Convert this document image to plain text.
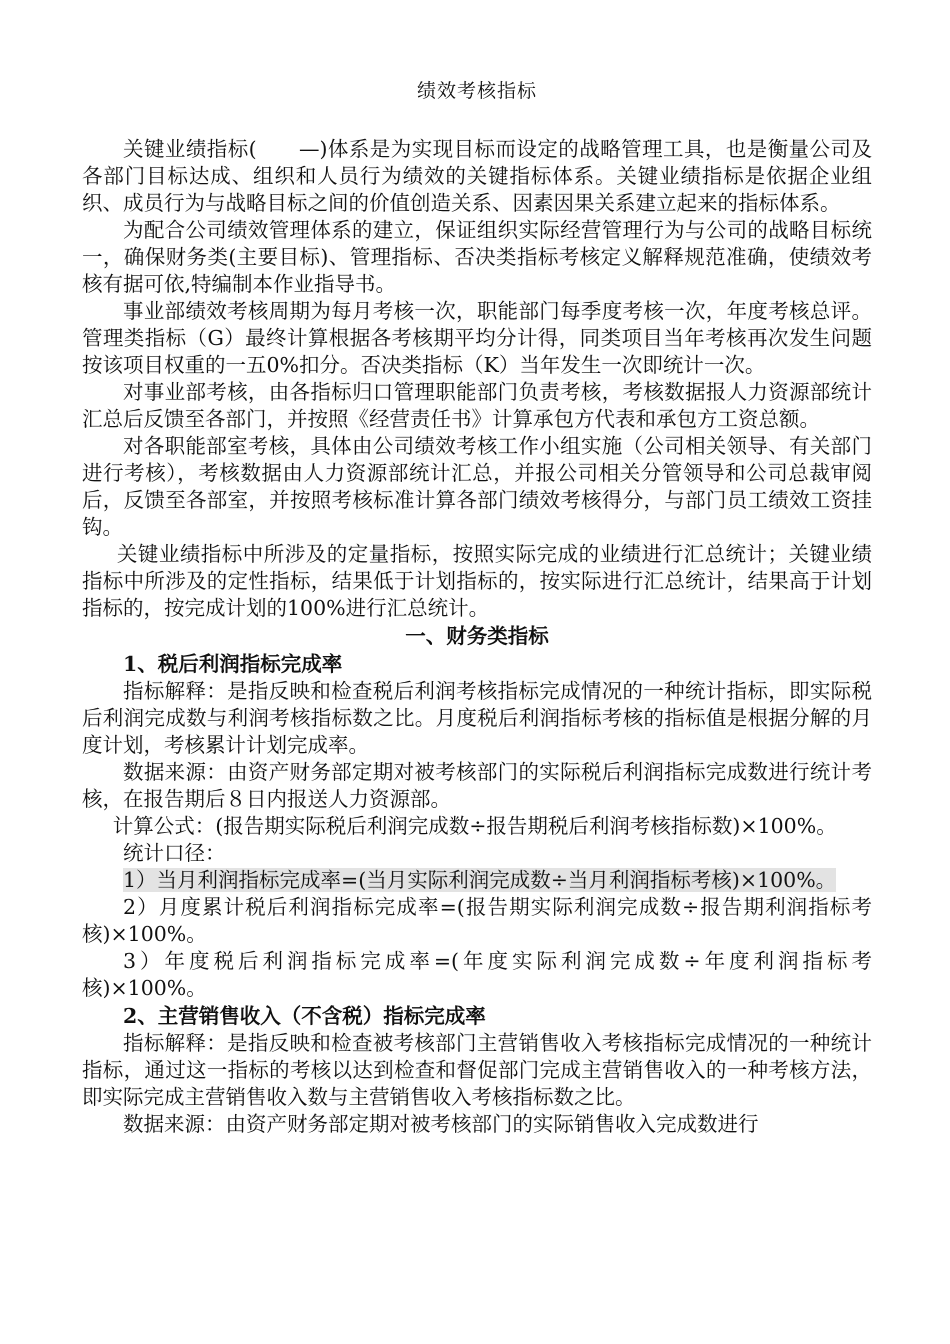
绩效考核指标

关键业绩指标(　　—)体系是为实现目标而设定的战略管理工具，也是衡量公司及各部门目标达成、组织和人员行为绩效的关键指标体系。关键业绩指标是依据企业组织、成员行为与战略目标之间的价值创造关系、因素因果关系建立起来的指标体系。

为配合公司绩效管理体系的建立，保证组织实际经营管理行为与公司的战略目标统一，确保财务类(主要目标)、管理指标、否决类指标考核定义解释规范准确，使绩效考核有据可依,特编制本作业指导书。

事业部绩效考核周期为每月考核一次，职能部门每季度考核一次，年度考核总评。管理类指标（G）最终计算根据各考核期平均分计得，同类项目当年考核再次发生问题按该项目权重的一五0%扣分。否决类指标（K）当年发生一次即统计一次。

对事业部考核，由各指标归口管理职能部门负责考核，考核数据报人力资源部统计汇总后反馈至各部门，并按照《经营责任书》计算承包方代表和承包方工资总额。

对各职能部室考核，具体由公司绩效考核工作小组实施（公司相关领导、有关部门进行考核），考核数据由人力资源部统计汇总，并报公司相关分管领导和公司总裁审阅后，反馈至各部室，并按照考核标准计算各部门绩效考核得分，与部门员工绩效工资挂钩。

关键业绩指标中所涉及的定量指标，按照实际完成的业绩进行汇总统计；关键业绩指标中所涉及的定性指标，结果低于计划指标的，按实际进行汇总统计，结果高于计划指标的，按完成计划的100%进行汇总统计。

一、财务类指标
1、税后利润指标完成率

指标解释：是指反映和检查税后利润考核指标完成情况的一种统计指标，即实际税后利润完成数与利润考核指标数之比。月度税后利润指标考核的指标值是根据分解的月度计划，考核累计计划完成率。

数据来源：由资产财务部定期对被考核部门的实际税后利润指标完成数进行统计考核，在报告期后８日内报送人力资源部。

计算公式：(报告期实际税后利润完成数÷报告期税后利润考核指标数)×100%。

统计口径：

1）当月利润指标完成率=(当月实际利润完成数÷当月利润指标考核)×100%。

2）月度累计税后利润指标完成率=(报告期实际利润完成数÷报告期利润指标考核)×100%。

3）年度税后利润指标完成率=(年度实际利润完成数÷年度利润指标考核)×100%。

2、主营销售收入（不含税）指标完成率

指标解释：是指反映和检查被考核部门主营销售收入考核指标完成情况的一种统计指标，通过这一指标的考核以达到检查和督促部门完成主营销售收入的一种考核方法，即实际完成主营销售收入数与主营销售收入考核指标数之比。

数据来源：由资产财务部定期对被考核部门的实际销售收入完成数进行
